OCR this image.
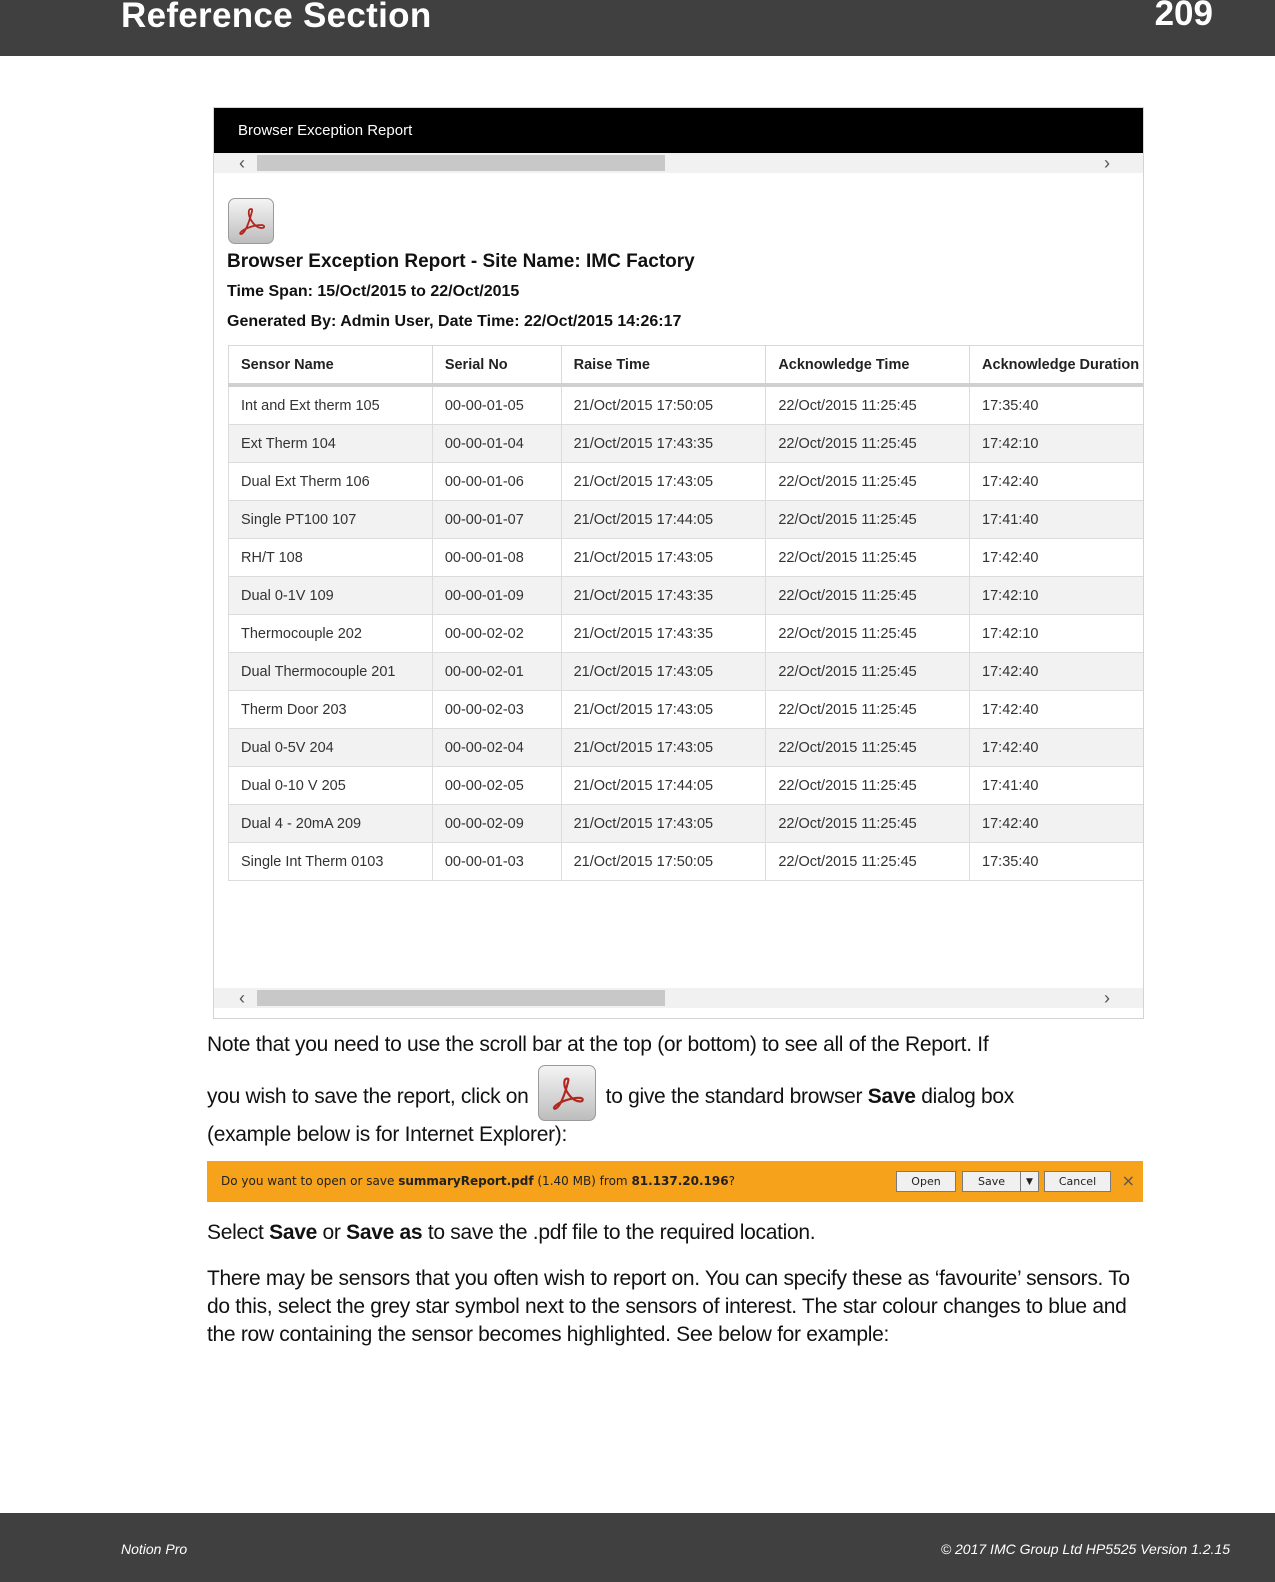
Reference Section	209
Browser Exception Report
‹	›
Browser Exception Report - Site Name: IMC Factory
Time Span: 15/Oct/2015 to 22/Oct/2015
Generated By: Admin User, Date Time: 22/Oct/2015 14:26:17
Sensor Name	Serial No	Raise Time	Acknowledge Time	Acknowledge Duration
Int and Ext therm 105	00-00-01-05	21/Oct/2015 17:50:05	22/Oct/2015 11:25:45	17:35:40
Ext Therm 104	00-00-01-04	21/Oct/2015 17:43:35	22/Oct/2015 11:25:45	17:42:10
Dual Ext Therm 106	00-00-01-06	21/Oct/2015 17:43:05	22/Oct/2015 11:25:45	17:42:40
Single PT100 107	00-00-01-07	21/Oct/2015 17:44:05	22/Oct/2015 11:25:45	17:41:40
RH/T 108	00-00-01-08	21/Oct/2015 17:43:05	22/Oct/2015 11:25:45	17:42:40
Dual 0-1V 109	00-00-01-09	21/Oct/2015 17:43:35	22/Oct/2015 11:25:45	17:42:10
Thermocouple 202	00-00-02-02	21/Oct/2015 17:43:35	22/Oct/2015 11:25:45	17:42:10
Dual Thermocouple 201	00-00-02-01	21/Oct/2015 17:43:05	22/Oct/2015 11:25:45	17:42:40
Therm Door 203	00-00-02-03	21/Oct/2015 17:43:05	22/Oct/2015 11:25:45	17:42:40
Dual 0-5V 204	00-00-02-04	21/Oct/2015 17:43:05	22/Oct/2015 11:25:45	17:42:40
Dual 0-10 V 205	00-00-02-05	21/Oct/2015 17:44:05	22/Oct/2015 11:25:45	17:41:40
Dual 4 - 20mA 209	00-00-02-09	21/Oct/2015 17:43:05	22/Oct/2015 11:25:45	17:42:40
Single Int Therm 0103	00-00-01-03	21/Oct/2015 17:50:05	22/Oct/2015 11:25:45	17:35:40
‹	›
Note that you need to use the scroll bar at the top (or bottom) to see all of the Report. If
you wish to save the report, click on	to give the standard browser Save dialog box
(example below is for Internet Explorer):
Do you want to open or save summaryReport.pdf (1.40 MB) from 81.137.20.196?	Open	Save	▼	Cancel	×
Select Save or Save as to save the .pdf file to the required location.
There may be sensors that you often wish to report on. You can specify these as ‘favourite’ sensors. To do this, select the grey star symbol next to the sensors of interest. The star colour changes to blue and the row containing the sensor becomes highlighted. See below for example:
Notion Pro	© 2017 IMC Group Ltd HP5525 Version 1.2.15
